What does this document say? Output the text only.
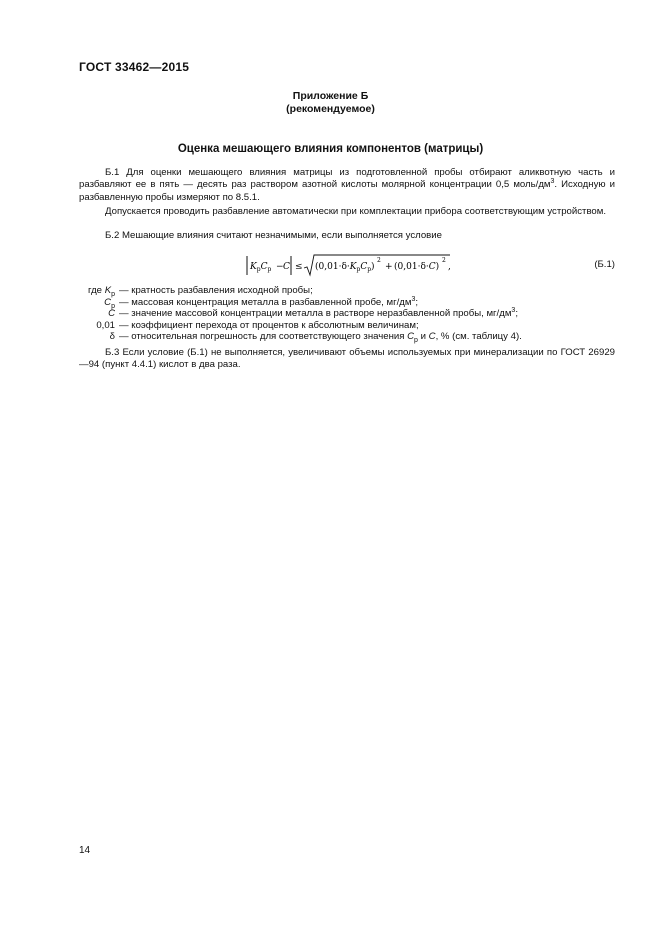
ГОСТ 33462—2015
Приложение Б
(рекомендуемое)
Оценка мешающего влияния компонентов (матрицы)
Б.1 Для оценки мешающего влияния матрицы из подготовленной пробы отбирают аликвотную часть и разбавляют ее в пять — десять раз раствором азотной кислоты молярной концентрации 0,5 моль/$дм^3$. Исходную и разбавленную пробы измеряют по 8.5.1.
Допускается проводить разбавление автоматически при комплектации прибора соответствующим устройством.
Б.2 Мешающие влияния считают незначимыми, если выполняется условие
$K_pC_p - C \le (0,01\cdot\delta\cdot K_pC_p)$
2
+ (0,01·δ·C)
2
,	(Б.1)
где $K_p$ — кратность разбавления исходной пробы;
$C_p$ — массовая концентрация металла в разбавленной пробе, $мг/дм^3$;
C — значение массовой концентрации металла в растворе неразбавленной пробы, $мг/дм^3$;
0,01 — коэффициент перехода от процентов к абсолютным величинам;
δ — относительная погрешность для соответствующего значения $C_p$ и C, % (см. таблицу 4).
Б.3 Если условие (Б.1) не выполняется, увеличивают объемы используемых при минерализации по ГОСТ 26929—94 (пункт 4.4.1) кислот в два раза.
14
